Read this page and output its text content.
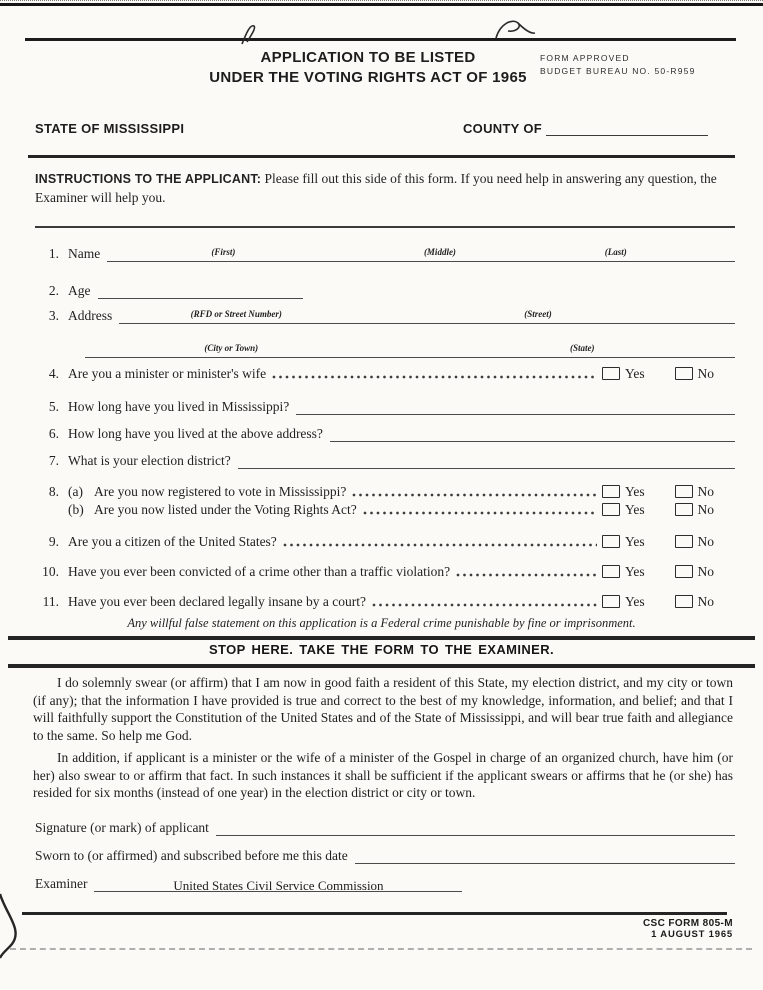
APPLICATION TO BE LISTED
UNDER THE VOTING RIGHTS ACT OF 1965
FORM APPROVED
BUDGET BUREAU NO. 50-R959
STATE OF MISSISSIPPI	COUNTY OF
INSTRUCTIONS TO THE APPLICANT: Please fill out this side of this form. If you need help in answering any question, the Examiner will help you.
1. Name	(First)	(Middle)	(Last)
2. Age
3. Address	(RFD or Street Number)	(Street)
(City or Town)	(State)
4. Are you a minister or minister's wife	Yes	No
5. How long have you lived in Mississippi?
6. How long have you lived at the above address?
7. What is your election district?
8. (a) Are you now registered to vote in Mississippi?	Yes	No
(b) Are you now listed under the Voting Rights Act?	Yes	No
9. Are you a citizen of the United States?	Yes	No
10. Have you ever been convicted of a crime other than a traffic violation?	Yes	No
11. Have you ever been declared legally insane by a court?	Yes	No
Any willful false statement on this application is a Federal crime punishable by fine or imprisonment.
STOP HERE. TAKE THE FORM TO THE EXAMINER.
I do solemnly swear (or affirm) that I am now in good faith a resident of this State, my election district, and my city or town (if any); that the information I have provided is true and correct to the best of my knowledge, information, and belief; and that I will faithfully support the Constitution of the United States and of the State of Mississippi, and will bear true faith and allegiance to the same. So help me God.
In addition, if applicant is a minister or the wife of a minister of the Gospel in charge of an organized church, have him (or her) also swear to or affirm that fact. In such instances it shall be sufficient if the applicant swears or affirms that he (or she) has resided for six months (instead of one year) in the election district or city or town.
Signature (or mark) of applicant
Sworn to (or affirmed) and subscribed before me this date
Examiner	United States Civil Service Commission
CSC FORM 805-M
1 AUGUST 1965
